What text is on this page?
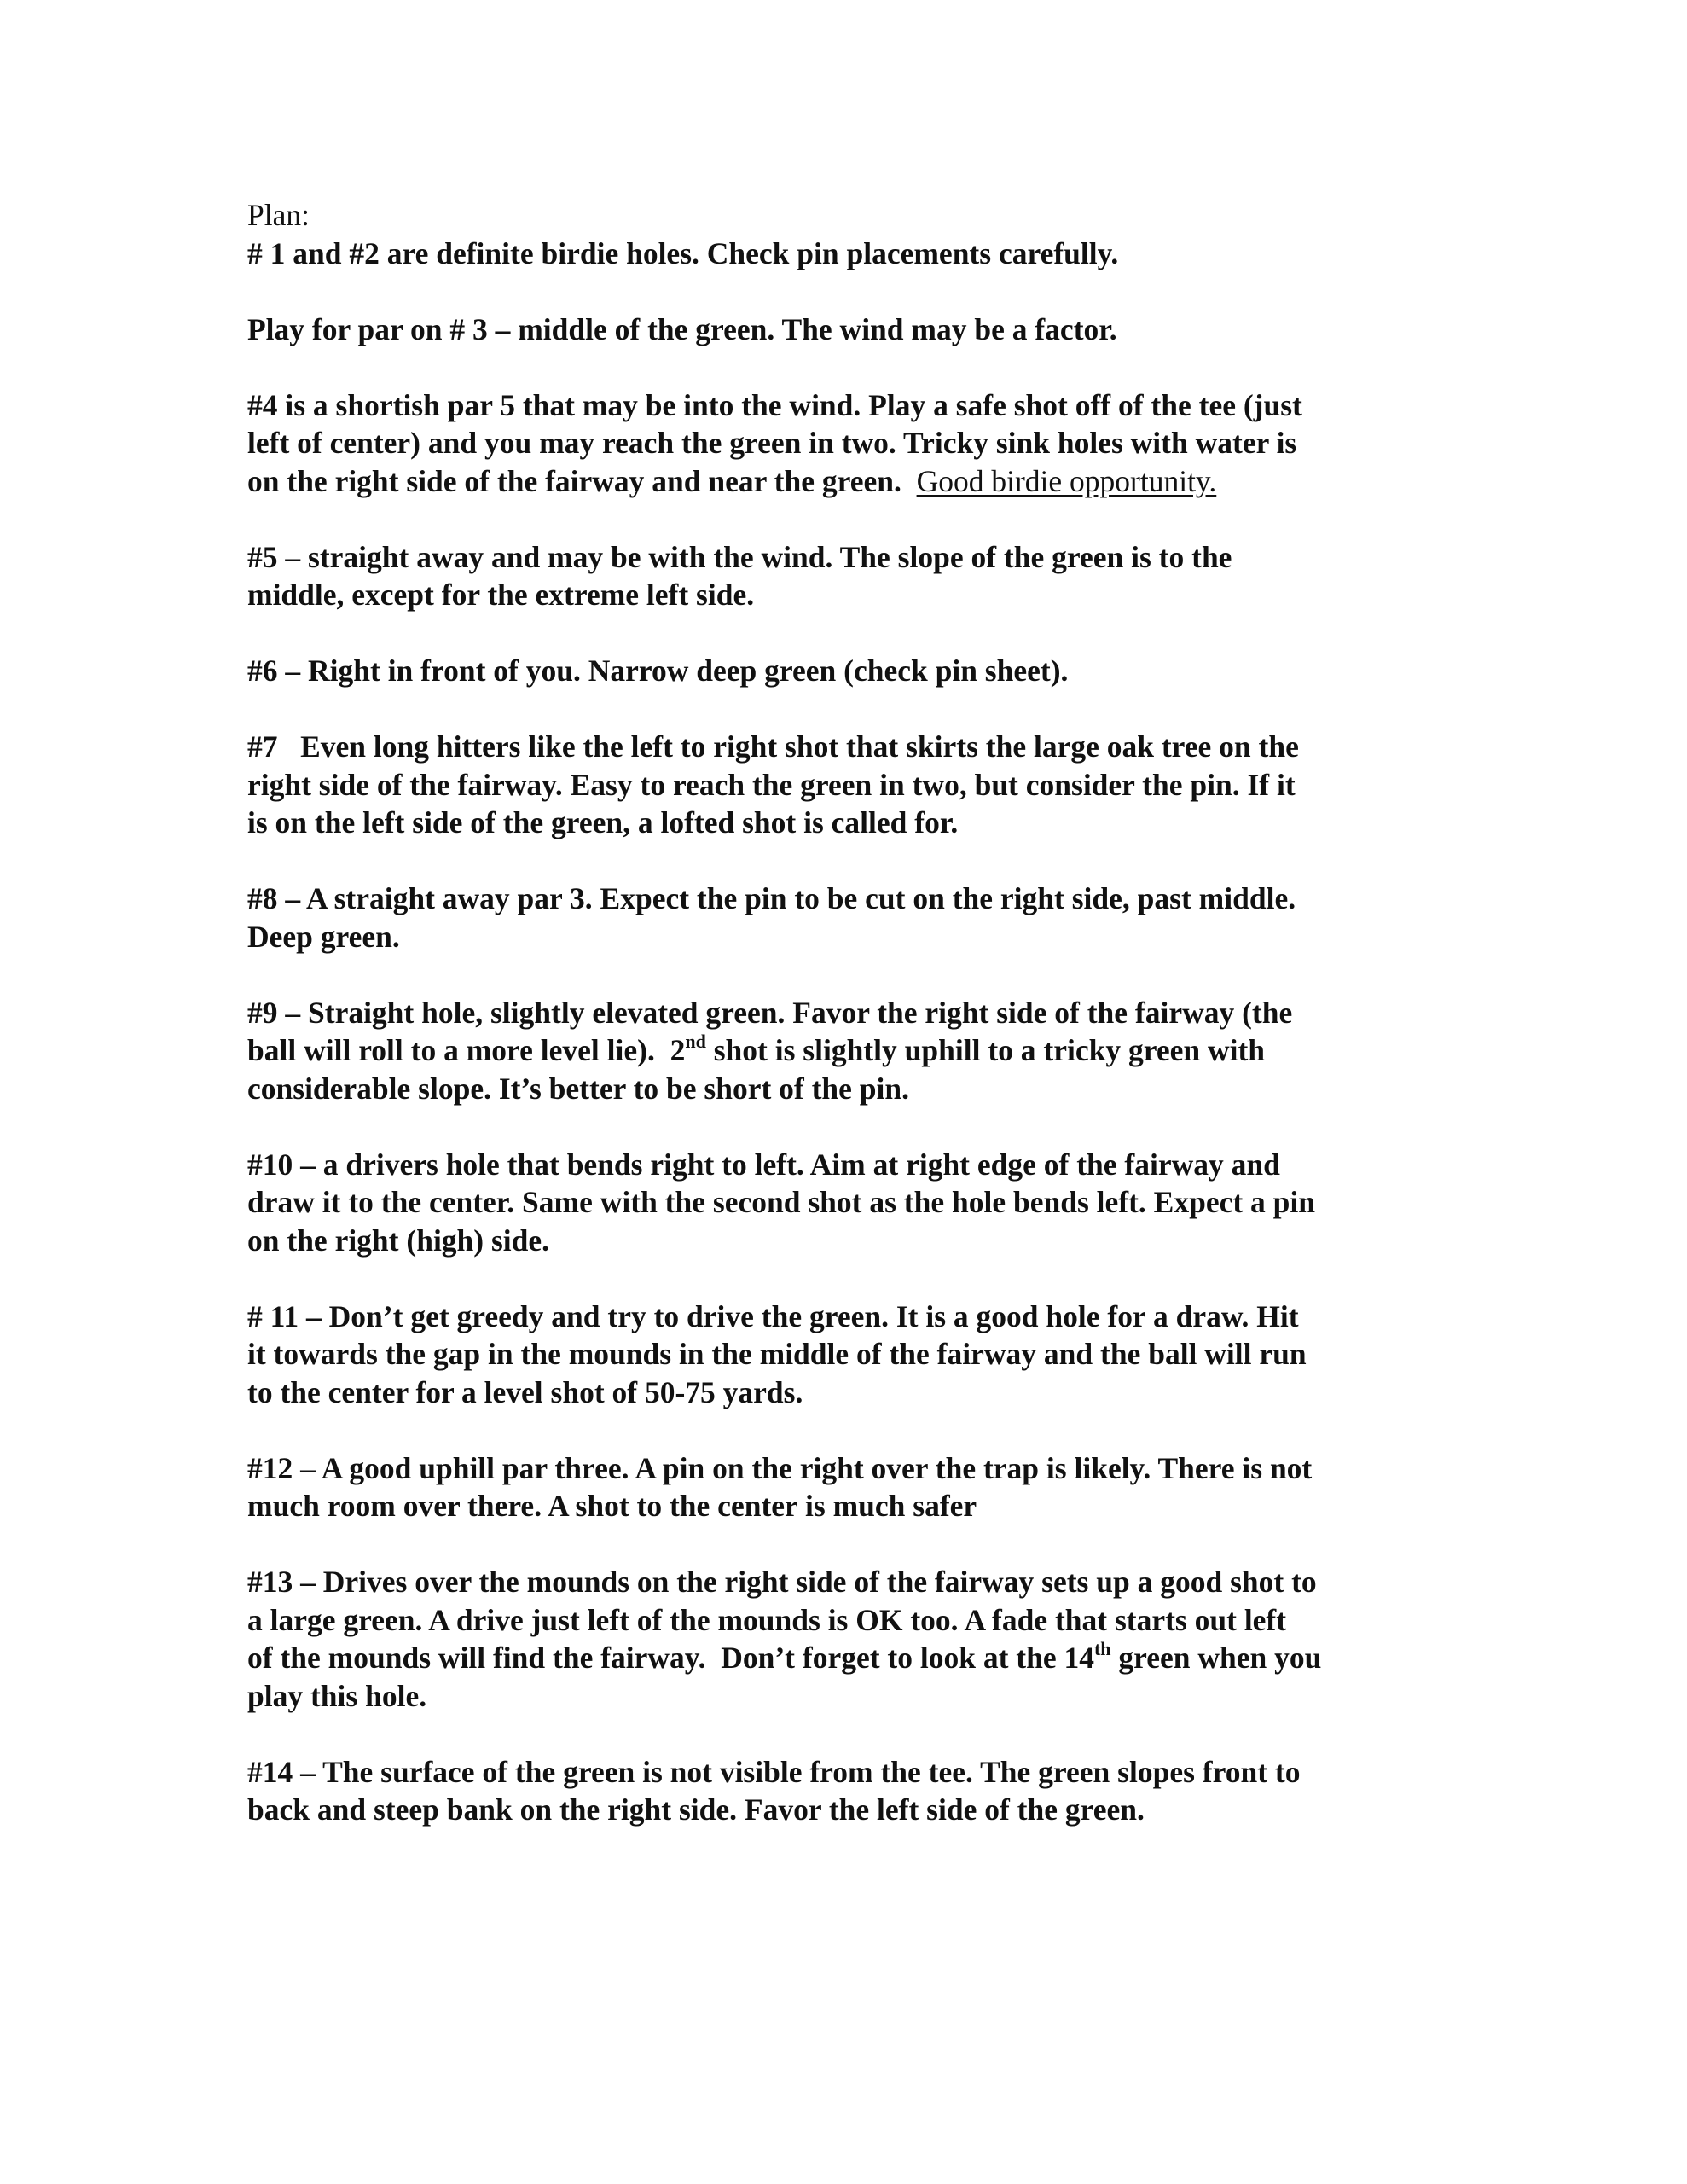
Plan:
# 1 and #2 are definite birdie holes. Check pin placements carefully.
Play for par on # 3 – middle of the green. The wind may be a factor.
#4 is a shortish par 5 that may be into the wind. Play a safe shot off of the tee (just
left of center) and you may reach the green in two. Tricky sink holes with water is
on the right side of the fairway and near the green.  Good birdie opportunity.
#5 – straight away and may be with the wind. The slope of the green is to the
middle, except for the extreme left side.
#6 – Right in front of you. Narrow deep green (check pin sheet).
#7   Even long hitters like the left to right shot that skirts the large oak tree on the
right side of the fairway. Easy to reach the green in two, but consider the pin. If it
is on the left side of the green, a lofted shot is called for.
#8 – A straight away par 3. Expect the pin to be cut on the right side, past middle.
Deep green.
#9 – Straight hole, slightly elevated green. Favor the right side of the fairway (the
ball will roll to a more level lie).  2nd shot is slightly uphill to a tricky green with
considerable slope. It’s better to be short of the pin.
#10 – a drivers hole that bends right to left. Aim at right edge of the fairway and
draw it to the center. Same with the second shot as the hole bends left. Expect a pin
on the right (high) side.
# 11 – Don’t get greedy and try to drive the green. It is a good hole for a draw. Hit
it towards the gap in the mounds in the middle of the fairway and the ball will run
to the center for a level shot of 50-75 yards.
#12 – A good uphill par three. A pin on the right over the trap is likely. There is not
much room over there. A shot to the center is much safer
#13 – Drives over the mounds on the right side of the fairway sets up a good shot to
a large green. A drive just left of the mounds is OK too. A fade that starts out left
of the mounds will find the fairway.  Don’t forget to look at the 14th green when you
play this hole.
#14 – The surface of the green is not visible from the tee. The green slopes front to
back and steep bank on the right side. Favor the left side of the green.
